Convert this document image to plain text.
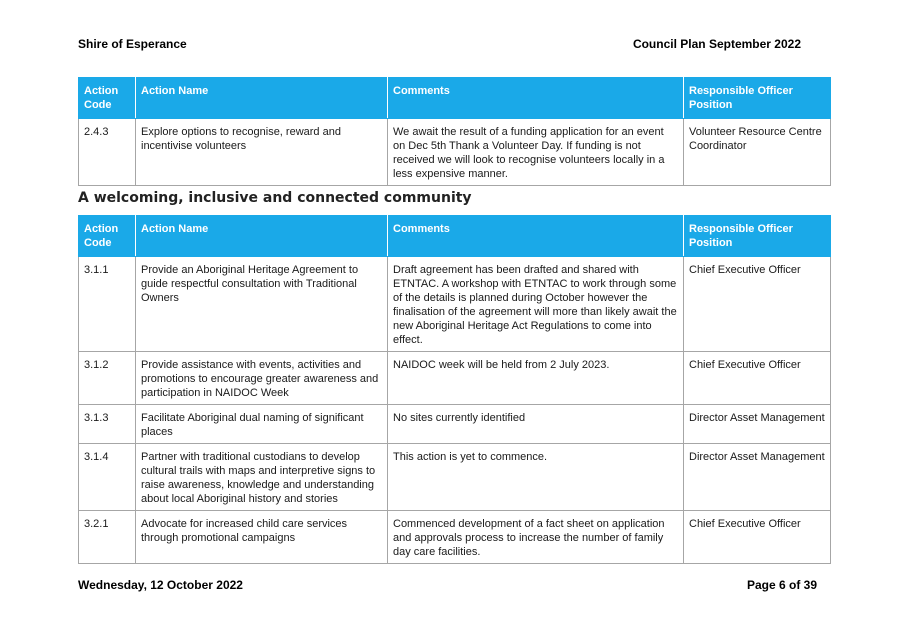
Shire of Esperance	Council Plan September 2022
Action Code	Action Name	Comments	Responsible Officer Position
2.4.3	Explore options to recognise, reward and incentivise volunteers	We await the result of a funding application for an event on Dec 5th Thank a Volunteer Day. If funding is not received we will look to recognise volunteers locally in a less expensive manner.	Volunteer Resource Centre Coordinator
A welcoming, inclusive and connected community
Action Code	Action Name	Comments	Responsible Officer Position
3.1.1	Provide an Aboriginal Heritage Agreement to guide respectful consultation with Traditional Owners	Draft agreement has been drafted and shared with ETNTAC. A workshop with ETNTAC to work through some of the details is planned during October however the finalisation of the agreement will more than likely await the new Aboriginal Heritage Act Regulations to come into effect.	Chief Executive Officer
3.1.2	Provide assistance with events, activities and promotions to encourage greater awareness and participation in NAIDOC Week	NAIDOC week will be held from 2 July 2023.	Chief Executive Officer
3.1.3	Facilitate Aboriginal dual naming of significant places	No sites currently identified	Director Asset Management
3.1.4	Partner with traditional custodians to develop cultural trails with maps and interpretive signs to raise awareness, knowledge and understanding about local Aboriginal history and stories	This action is yet to commence.	Director Asset Management
3.2.1	Advocate for increased child care services through promotional campaigns	Commenced development of a fact sheet on application and approvals process to increase the number of family day care facilities.	Chief Executive Officer
Wednesday, 12 October 2022	Page 6 of 39
